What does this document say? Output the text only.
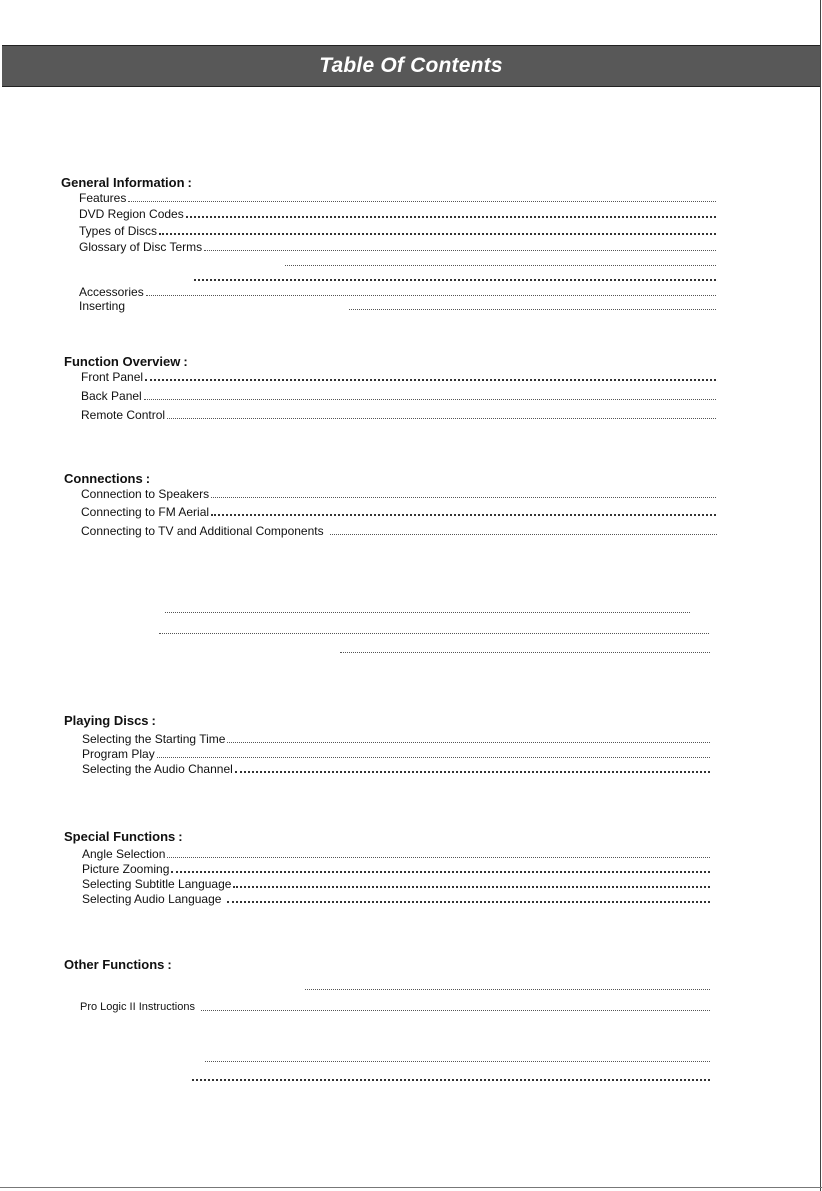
Table Of Contents
General Information :
Features
DVD Region Codes
Types of Discs
Glossary of Disc Terms
Accessories
Inserting
Function Overview :
Front Panel
Back Panel
Remote Control
Connections :
Connection to Speakers
Connecting to FM Aerial
Connecting to TV and Additional Components
Playing Discs :
Selecting the Starting Time
Program Play
Selecting the Audio Channel
Special Functions :
Angle Selection
Picture Zooming
Selecting Subtitle Language
Selecting Audio Language
Other Functions :
Pro Logic II Instructions
